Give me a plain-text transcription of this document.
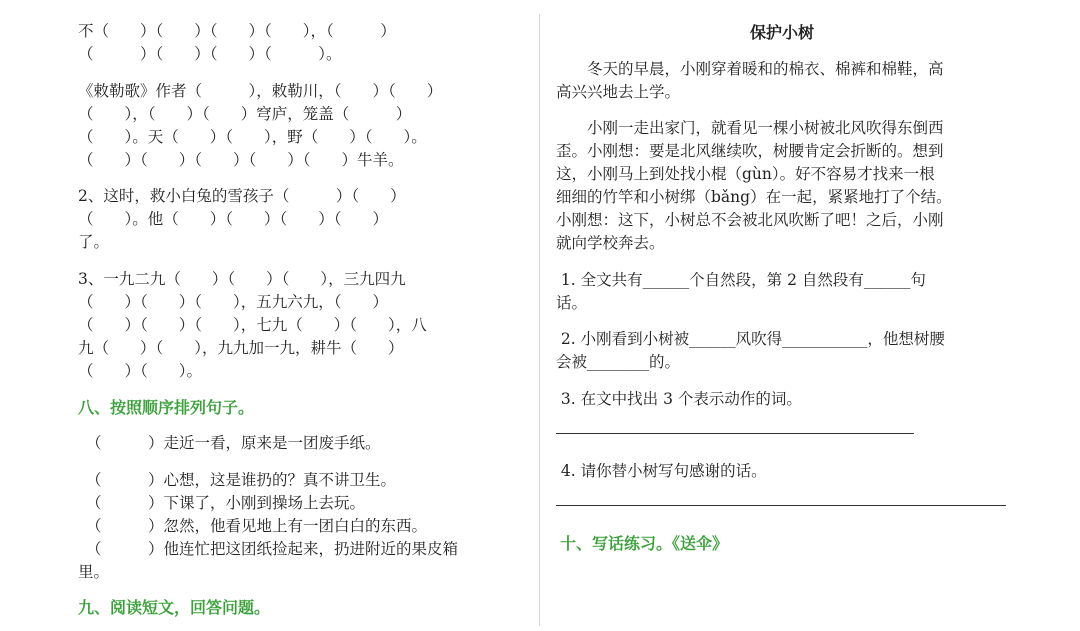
不（　　）（　　）（　　）（　　），（　　　）
（　　　）（　　）（　　）（　　　）。
《敕勒歌》作者（　　　），敕勒川，（　　）（　　）
（　　），（　　）（　　）穹庐，笼盖（　　　）
（　　）。天（　　）（　　），野（　　）（　　）。
（　　）（　　）（　　）（　　）（　　）牛羊。
2、这时，救小白兔的雪孩子（　　　）（　　）
（　　）。他（　　）（　　）（　　）（　　）
了。
3、一九二九（　　）（　　）（　　），三九四九
（　　）（　　）（　　），五九六九，（　　）
（　　）（　　）（　　），七九（　　）（　　），八
九（　　）（　　），九九加一九，耕牛（　　）
（　　）（　　）。
八、按照顺序排列句子。
（　　　）走近一看，原来是一团废手纸。
（　　　）心想，这是谁扔的？真不讲卫生。
（　　　）下课了，小刚到操场上去玩。
（　　　）忽然，他看见地上有一团白白的东西。
（　　　）他连忙把这团纸捡起来，扔进附近的果皮箱
里。
九、阅读短文，回答问题。
保护小树
　　冬天的早晨，小刚穿着暖和的棉衣、棉裤和棉鞋，高
高兴兴地去上学。
　　小刚一走出家门，就看见一棵小树被北风吹得东倒西
歪。小刚想：要是北风继续吹，树腰肯定会折断的。想到
这，小刚马上到处找小棍（gùn）。好不容易才找来一根
细细的竹竿和小树绑（bǎng）在一起，紧紧地打了个结。
小刚想：这下，小树总不会被北风吹断了吧！之后，小刚
就向学校奔去。
1. 全文共有______个自然段，第 2 自然段有______句
话。
2. 小刚看到小树被______风吹得___________，他想树腰
会被________的。
3. 在文中找出 3 个表示动作的词。
4. 请你替小树写句感谢的话。
十、写话练习。《送伞》
